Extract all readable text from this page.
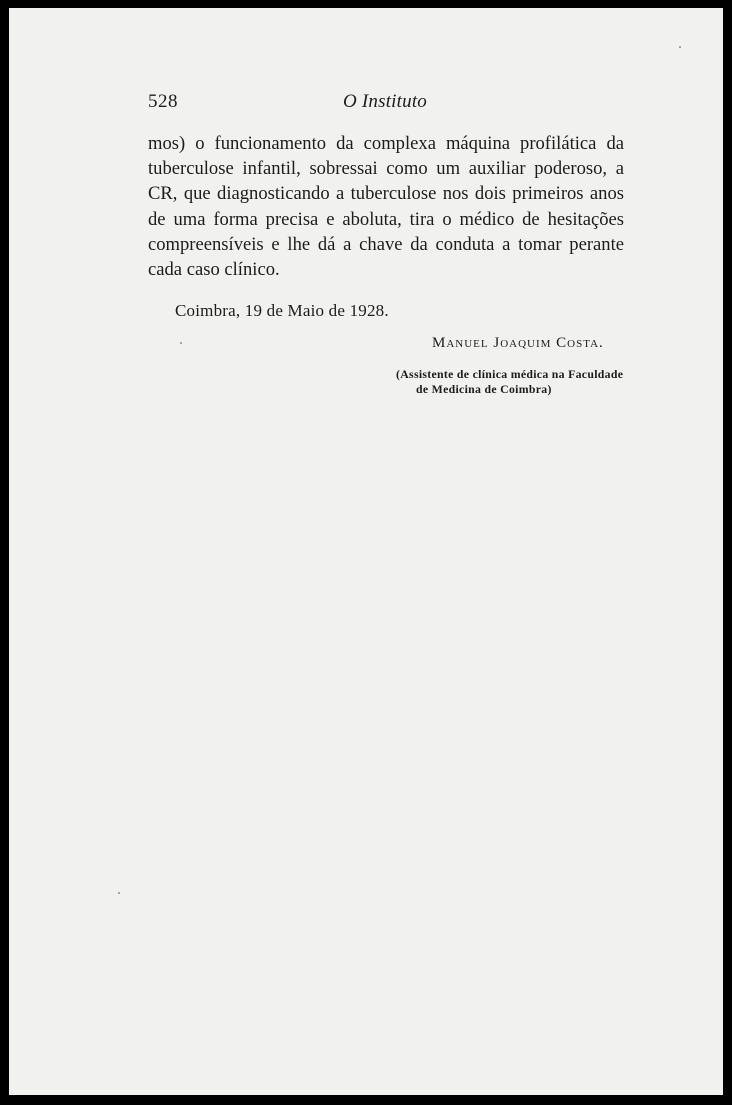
528	O Instituto
mos) o funcionamento da complexa máquina profilática da
tuberculose infantil, sobressai como um auxiliar poderoso, a
CR, que diagnosticando a tuberculose nos dois primeiros anos
de uma forma precisa e aboluta, tira o médico de hesitações
compreensíveis e lhe dá a chave da conduta a tomar perante
cada caso clínico.
Coimbra, 19 de Maio de 1928.
Manuel Joaquim Costa.
(Assistente de clínica médica na Faculdade
de Medicina de Coimbra)
